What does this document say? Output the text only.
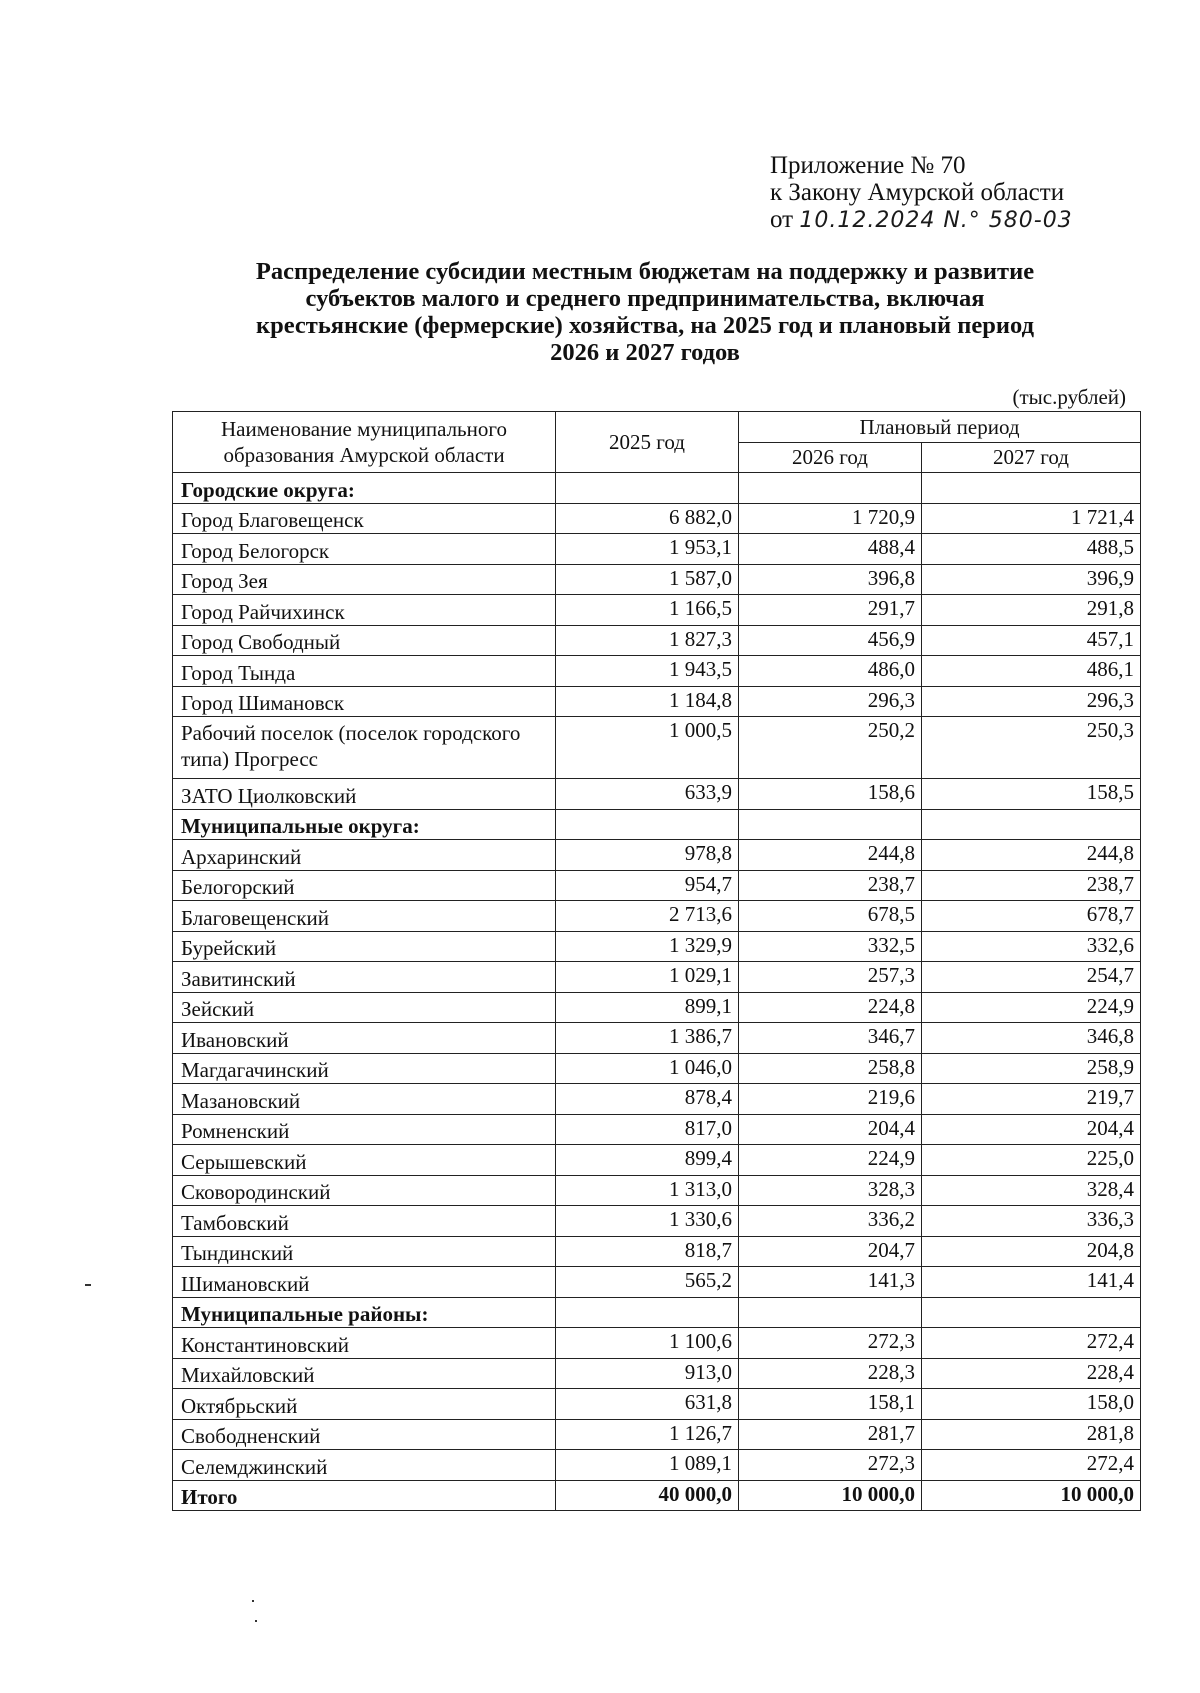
Приложение № 70
к Закону Амурской области
от 10.12.2024 N.° 580-03
Распределение субсидии местным бюджетам на поддержку и развитие
субъектов малого и среднего предпринимательства, включая
крестьянские (фермерские) хозяйства, на 2025 год и плановый период
2026 и 2027 годов
(тыс.рублей)
Наименование муниципального образования Амурской области	2025 год	Плановый период	
		2026 год	2027 год
Городские округа:			
Город Благовещенск	6 882,0	1 720,9	1 721,4
Город Белогорск	1 953,1	488,4	488,5
Город Зея	1 587,0	396,8	396,9
Город Райчихинск	1 166,5	291,7	291,8
Город Свободный	1 827,3	456,9	457,1
Город Тында	1 943,5	486,0	486,1
Город Шимановск	1 184,8	296,3	296,3
Рабочий поселок (поселок городского типа) Прогресс	1 000,5	250,2	250,3
ЗАТО Циолковский	633,9	158,6	158,5
Муниципальные округа:			
Архаринский	978,8	244,8	244,8
Белогорский	954,7	238,7	238,7
Благовещенский	2 713,6	678,5	678,7
Бурейский	1 329,9	332,5	332,6
Завитинский	1 029,1	257,3	254,7
Зейский	899,1	224,8	224,9
Ивановский	1 386,7	346,7	346,8
Магдагачинский	1 046,0	258,8	258,9
Мазановский	878,4	219,6	219,7
Ромненский	817,0	204,4	204,4
Серышевский	899,4	224,9	225,0
Сковородинский	1 313,0	328,3	328,4
Тамбовский	1 330,6	336,2	336,3
Тындинский	818,7	204,7	204,8
Шимановский	565,2	141,3	141,4
Муниципальные районы:			
Константиновский	1 100,6	272,3	272,4
Михайловский	913,0	228,3	228,4
Октябрьский	631,8	158,1	158,0
Свободненский	1 126,7	281,7	281,8
Селемджинский	1 089,1	272,3	272,4
Итого	40 000,0	10 000,0	10 000,0
